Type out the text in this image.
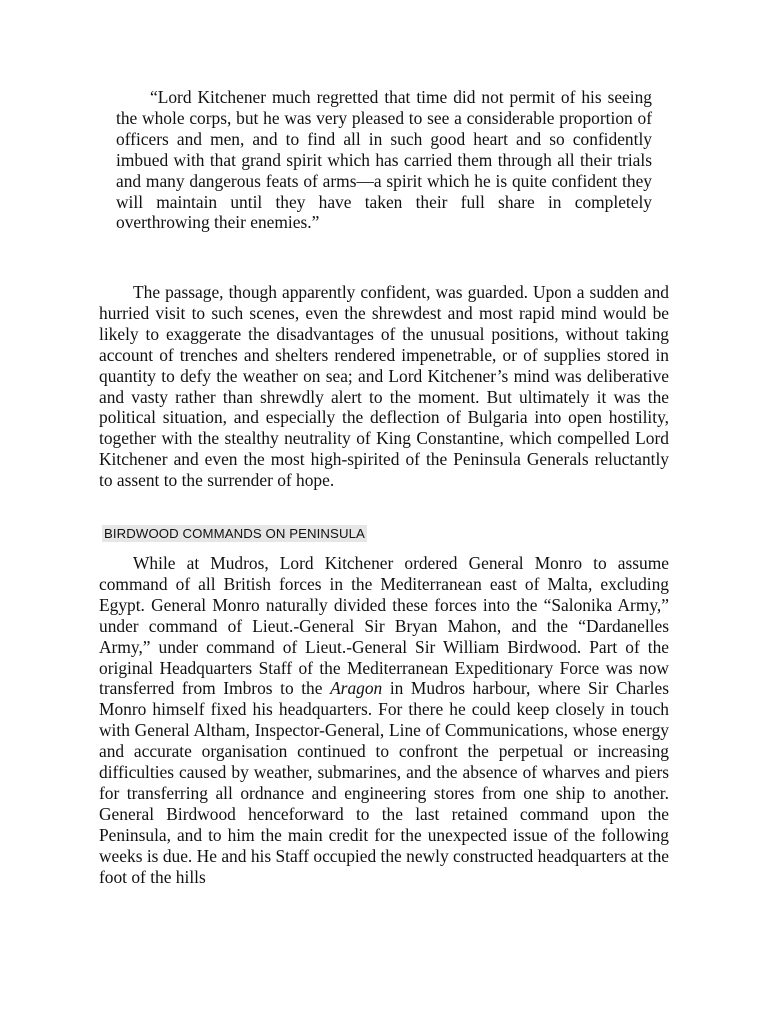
“Lord Kitchener much regretted that time did not permit of his seeing the whole corps, but he was very pleased to see a considerable proportion of officers and men, and to find all in such good heart and so confidently imbued with that grand spirit which has carried them through all their trials and many dangerous feats of arms—a spirit which he is quite confident they will maintain until they have taken their full share in completely overthrowing their enemies.”

The passage, though apparently confident, was guarded. Upon a sudden and hurried visit to such scenes, even the shrewdest and most rapid mind would be likely to exaggerate the disadvantages of the unusual positions, without taking account of trenches and shelters rendered impenetrable, or of supplies stored in quantity to defy the weather on sea; and Lord Kitchener’s mind was deliberative and vasty rather than shrewdly alert to the moment. But ultimately it was the political situation, and especially the deflection of Bulgaria into open hostility, together with the stealthy neutrality of King Constantine, which compelled Lord Kitchener and even the most high-spirited of the Peninsula Generals reluctantly to assent to the surrender of hope.

BIRDWOOD COMMANDS ON PENINSULA

While at Mudros, Lord Kitchener ordered General Monro to assume command of all British forces in the Mediterranean east of Malta, excluding Egypt. General Monro naturally divided these forces into the “Salonika Army,” under command of Lieut.-General Sir Bryan Mahon, and the “Dardanelles Army,” under command of Lieut.-General Sir William Birdwood. Part of the original Headquarters Staff of the Mediterranean Expeditionary Force was now transferred from Imbros to the Aragon in Mudros harbour, where Sir Charles Monro himself fixed his headquarters. For there he could keep closely in touch with General Altham, Inspector-General, Line of Communications, whose energy and accurate organisation continued to confront the perpetual or increasing difficulties caused by weather, submarines, and the absence of wharves and piers for transferring all ordnance and engineering stores from one ship to another. General Birdwood henceforward to the last retained command upon the Peninsula, and to him the main credit for the unexpected issue of the following weeks is due. He and his Staff occupied the newly constructed headquarters at the foot of the hills
